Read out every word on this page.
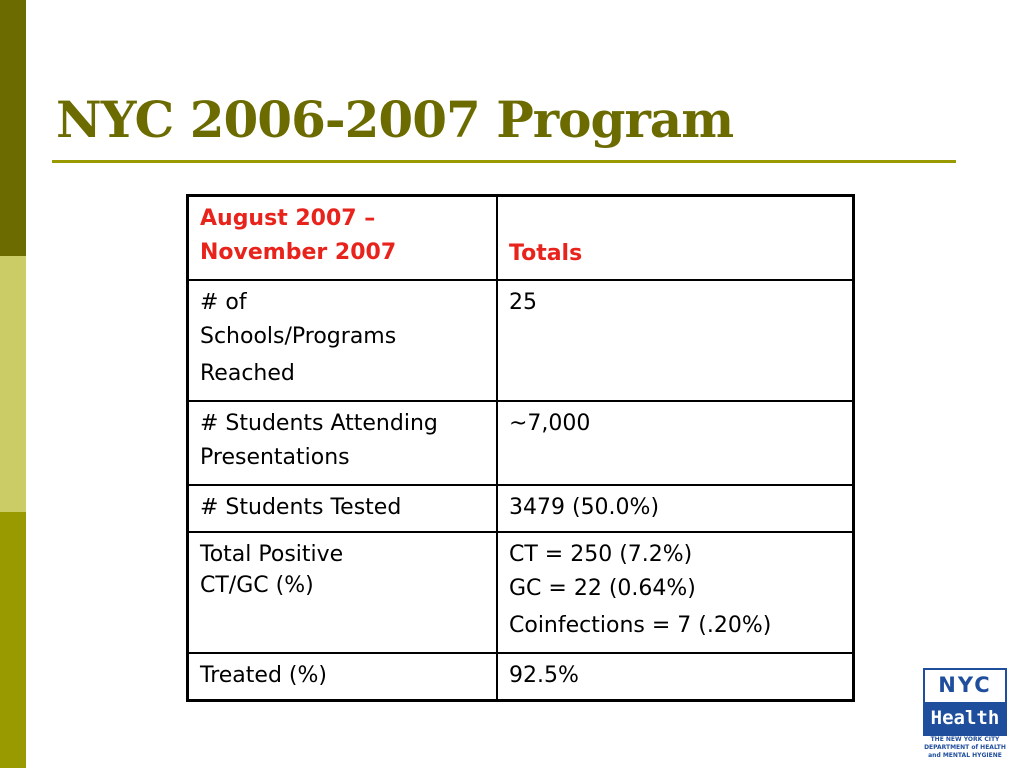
NYC 2006-2007 Program
August 2007 –
November 2007	Totals

# of
Schools/Programs
Reached	25

# Students Attending
Presentations	~7,000

# Students Tested	3479 (50.0%)

Total Positive
CT/GC (%)	CT = 250 (7.2%)
GC = 22 (0.64%)
Coinfections = 7 (.20%)

Treated (%)	92.5%	NYC
Health
THE NEW YORK CITY
DEPARTMENT of HEALTH
and MENTAL HYGIENE
